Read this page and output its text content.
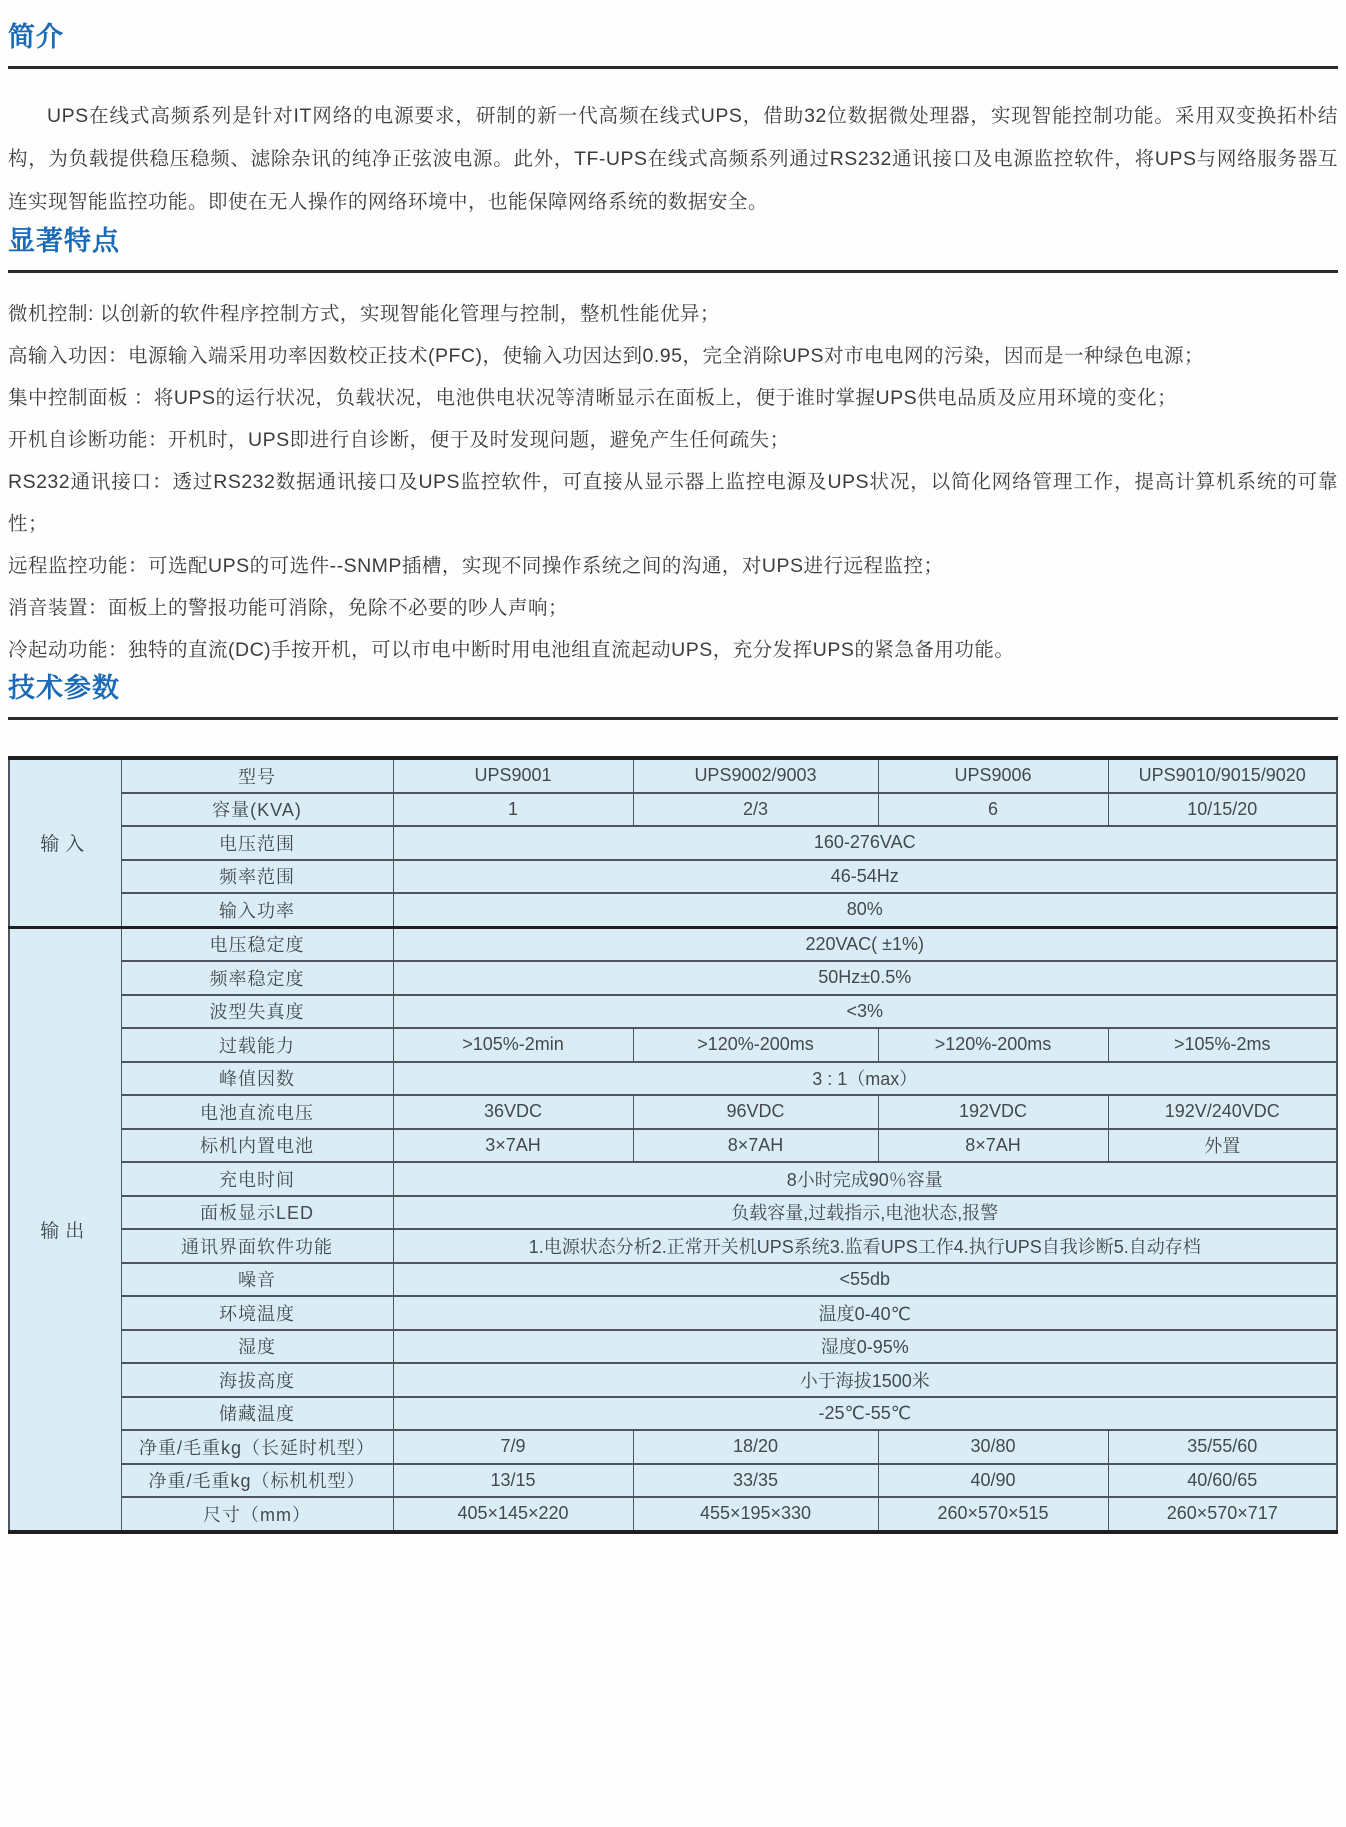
简介

UPS在线式高频系列是针对IT网络的电源要求，研制的新一代高频在线式UPS，借助32位数据微处理器，实现智能控制功能。采用双变换拓朴结构，为负载提供稳压稳频、滤除杂讯的纯净正弦波电源。此外，TF-UPS在线式高频系列通过RS232通讯接口及电源监控软件，将UPS与网络服务器互连实现智能监控功能。即使在无人操作的网络环境中，也能保障网络系统的数据安全。

显著特点
微机控制: 以创新的软件程序控制方式，实现智能化管理与控制，整机性能优异；
高输入功因：电源输入端采用功率因数校正技术(PFC)，使输入功因达到0.95，完全消除UPS对市电电网的污染，因而是一种绿色电源；
集中控制面板 ：将UPS的运行状况，负载状况，电池供电状况等清晰显示在面板上，便于谁时掌握UPS供电品质及应用环境的变化；
开机自诊断功能：开机时，UPS即进行自诊断，便于及时发现问题，避免产生任何疏失；
RS232通讯接口：透过RS232数据通讯接口及UPS监控软件，可直接从显示器上监控电源及UPS状况，以简化网络管理工作，提高计算机系统的可靠性；
远程监控功能：可选配UPS的可选件--SNMP插槽，实现不同操作系统之间的沟通，对UPS进行远程监控；
消音装置：面板上的警报功能可消除，免除不必要的吵人声响；
冷起动功能：独特的直流(DC)手按开机，可以市电中断时用电池组直流起动UPS，充分发挥UPS的紧急备用功能。
技术参数
输入	型号	UPS9001	UPS9002/9003	UPS9006	UPS9010/9015/9020
	容量(KVA)	1	2/3	6	10/15/20
	电压范围	160-276VAC			
	频率范围	46-54Hz			
	输入功率	80%			
输出	电压稳定度	220VAC( ±1%)			
	频率稳定度	50Hz±0.5%			
	波型失真度	<3%			
	过载能力	>105%-2min	>120%-200ms	>120%-200ms	>105%-2ms
	峰值因数	3 : 1（max）			
	电池直流电压	36VDC	96VDC	192VDC	192V/240VDC
	标机内置电池	3×7AH	8×7AH	8×7AH	外置
	充电时间	8小时完成90％容量			
	面板显示LED	负载容量,过载指示,电池状态,报警			
	通讯界面软件功能	1.电源状态分析2.正常开关机UPS系统3.监看UPS工作4.执行UPS自我诊断5.自动存档			
	噪音	<55db			
	环境温度	温度0-40℃			
	湿度	湿度0-95%			
	海拔高度	小于海拔1500米			
	储藏温度	-25℃-55℃			
	净重/毛重kg（长延时机型）	7/9	18/20	30/80	35/55/60
	净重/毛重kg（标机机型）	13/15	33/35	40/90	40/60/65
	尺寸（mm）	405×145×220	455×195×330	260×570×515	260×570×717
